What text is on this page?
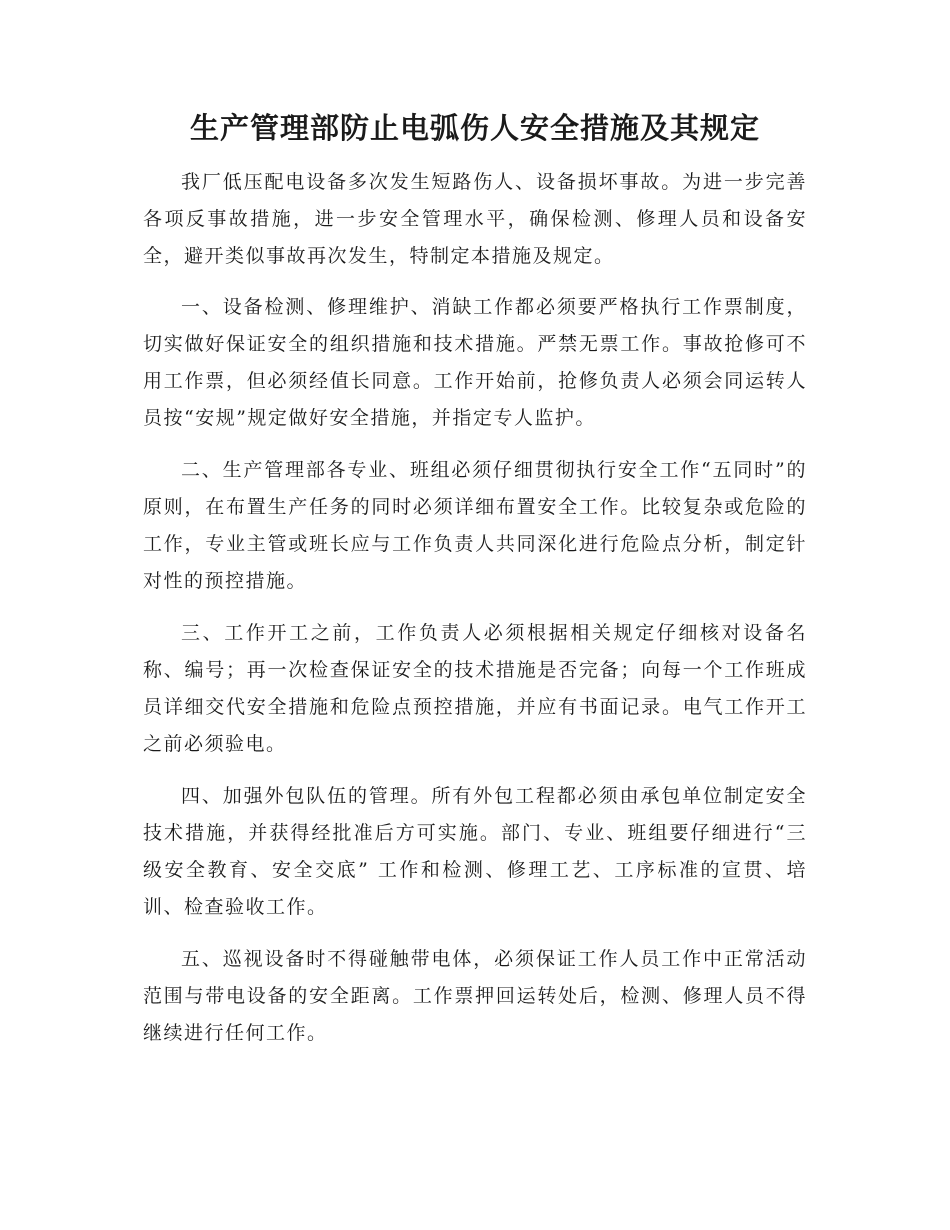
生产管理部防止电弧伤人安全措施及其规定

我厂低压配电设备多次发生短路伤人、设备损坏事故。为进一步完善各项反事故措施，进一步安全管理水平，确保检测、修理人员和设备安全，避开类似事故再次发生，特制定本措施及规定。

一、设备检测、修理维护、消缺工作都必须要严格执行工作票制度，切实做好保证安全的组织措施和技术措施。严禁无票工作。事故抢修可不用工作票，但必须经值长同意。工作开始前，抢修负责人必须会同运转人员按“安规”规定做好安全措施，并指定专人监护。

二、生产管理部各专业、班组必须仔细贯彻执行安全工作“五同时”的原则，在布置生产任务的同时必须详细布置安全工作。比较复杂或危险的工作，专业主管或班长应与工作负责人共同深化进行危险点分析，制定针对性的预控措施。

三、工作开工之前，工作负责人必须根据相关规定仔细核对设备名称、编号；再一次检查保证安全的技术措施是否完备；向每一个工作班成员详细交代安全措施和危险点预控措施，并应有书面记录。电气工作开工之前必须验电。

四、加强外包队伍的管理。所有外包工程都必须由承包单位制定安全技术措施，并获得经批准后方可实施。部门、专业、班组要仔细进行“三级安全教育、安全交底” 工作和检测、修理工艺、工序标准的宣贯、培训、检查验收工作。

五、巡视设备时不得碰触带电体，必须保证工作人员工作中正常活动范围与带电设备的安全距离。工作票押回运转处后，检测、修理人员不得继续进行任何工作。
